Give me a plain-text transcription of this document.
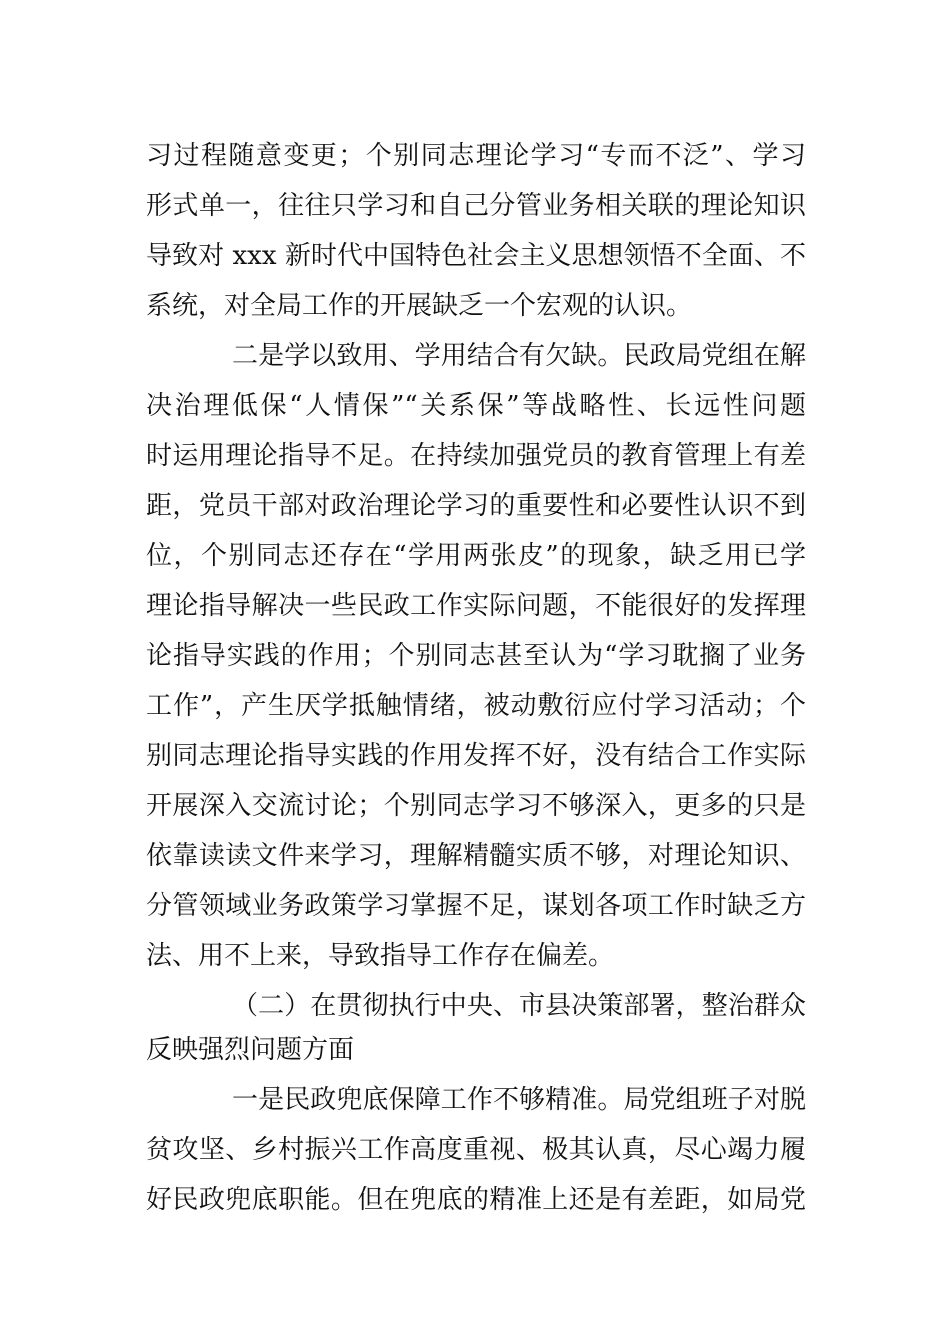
习过程随意变更；个别同志理论学习“专而不泛”、学习

形式单一，往往只学习和自己分管业务相关联的理论知识

导致对 xxx 新时代中国特色社会主义思想领悟不全面、不

系统，对全局工作的开展缺乏一个宏观的认识。

二是学以致用、学用结合有欠缺。民政局党组在解

决治理低保“人情保”“关系保”等战略性、长远性问题

时运用理论指导不足。在持续加强党员的教育管理上有差

距，党员干部对政治理论学习的重要性和必要性认识不到

位，个别同志还存在“学用两张皮”的现象，缺乏用已学

理论指导解决一些民政工作实际问题，不能很好的发挥理

论指导实践的作用；个别同志甚至认为“学习耽搁了业务

工作”，产生厌学抵触情绪，被动敷衍应付学习活动；个

别同志理论指导实践的作用发挥不好，没有结合工作实际

开展深入交流讨论；个别同志学习不够深入，更多的只是

依靠读读文件来学习，理解精髓实质不够，对理论知识、

分管领域业务政策学习掌握不足，谋划各项工作时缺乏方

法、用不上来，导致指导工作存在偏差。

（二）在贯彻执行中央、市县决策部署，整治群众

反映强烈问题方面

一是民政兜底保障工作不够精准。局党组班子对脱

贫攻坚、乡村振兴工作高度重视、极其认真，尽心竭力履

好民政兜底职能。但在兜底的精准上还是有差距，如局党
